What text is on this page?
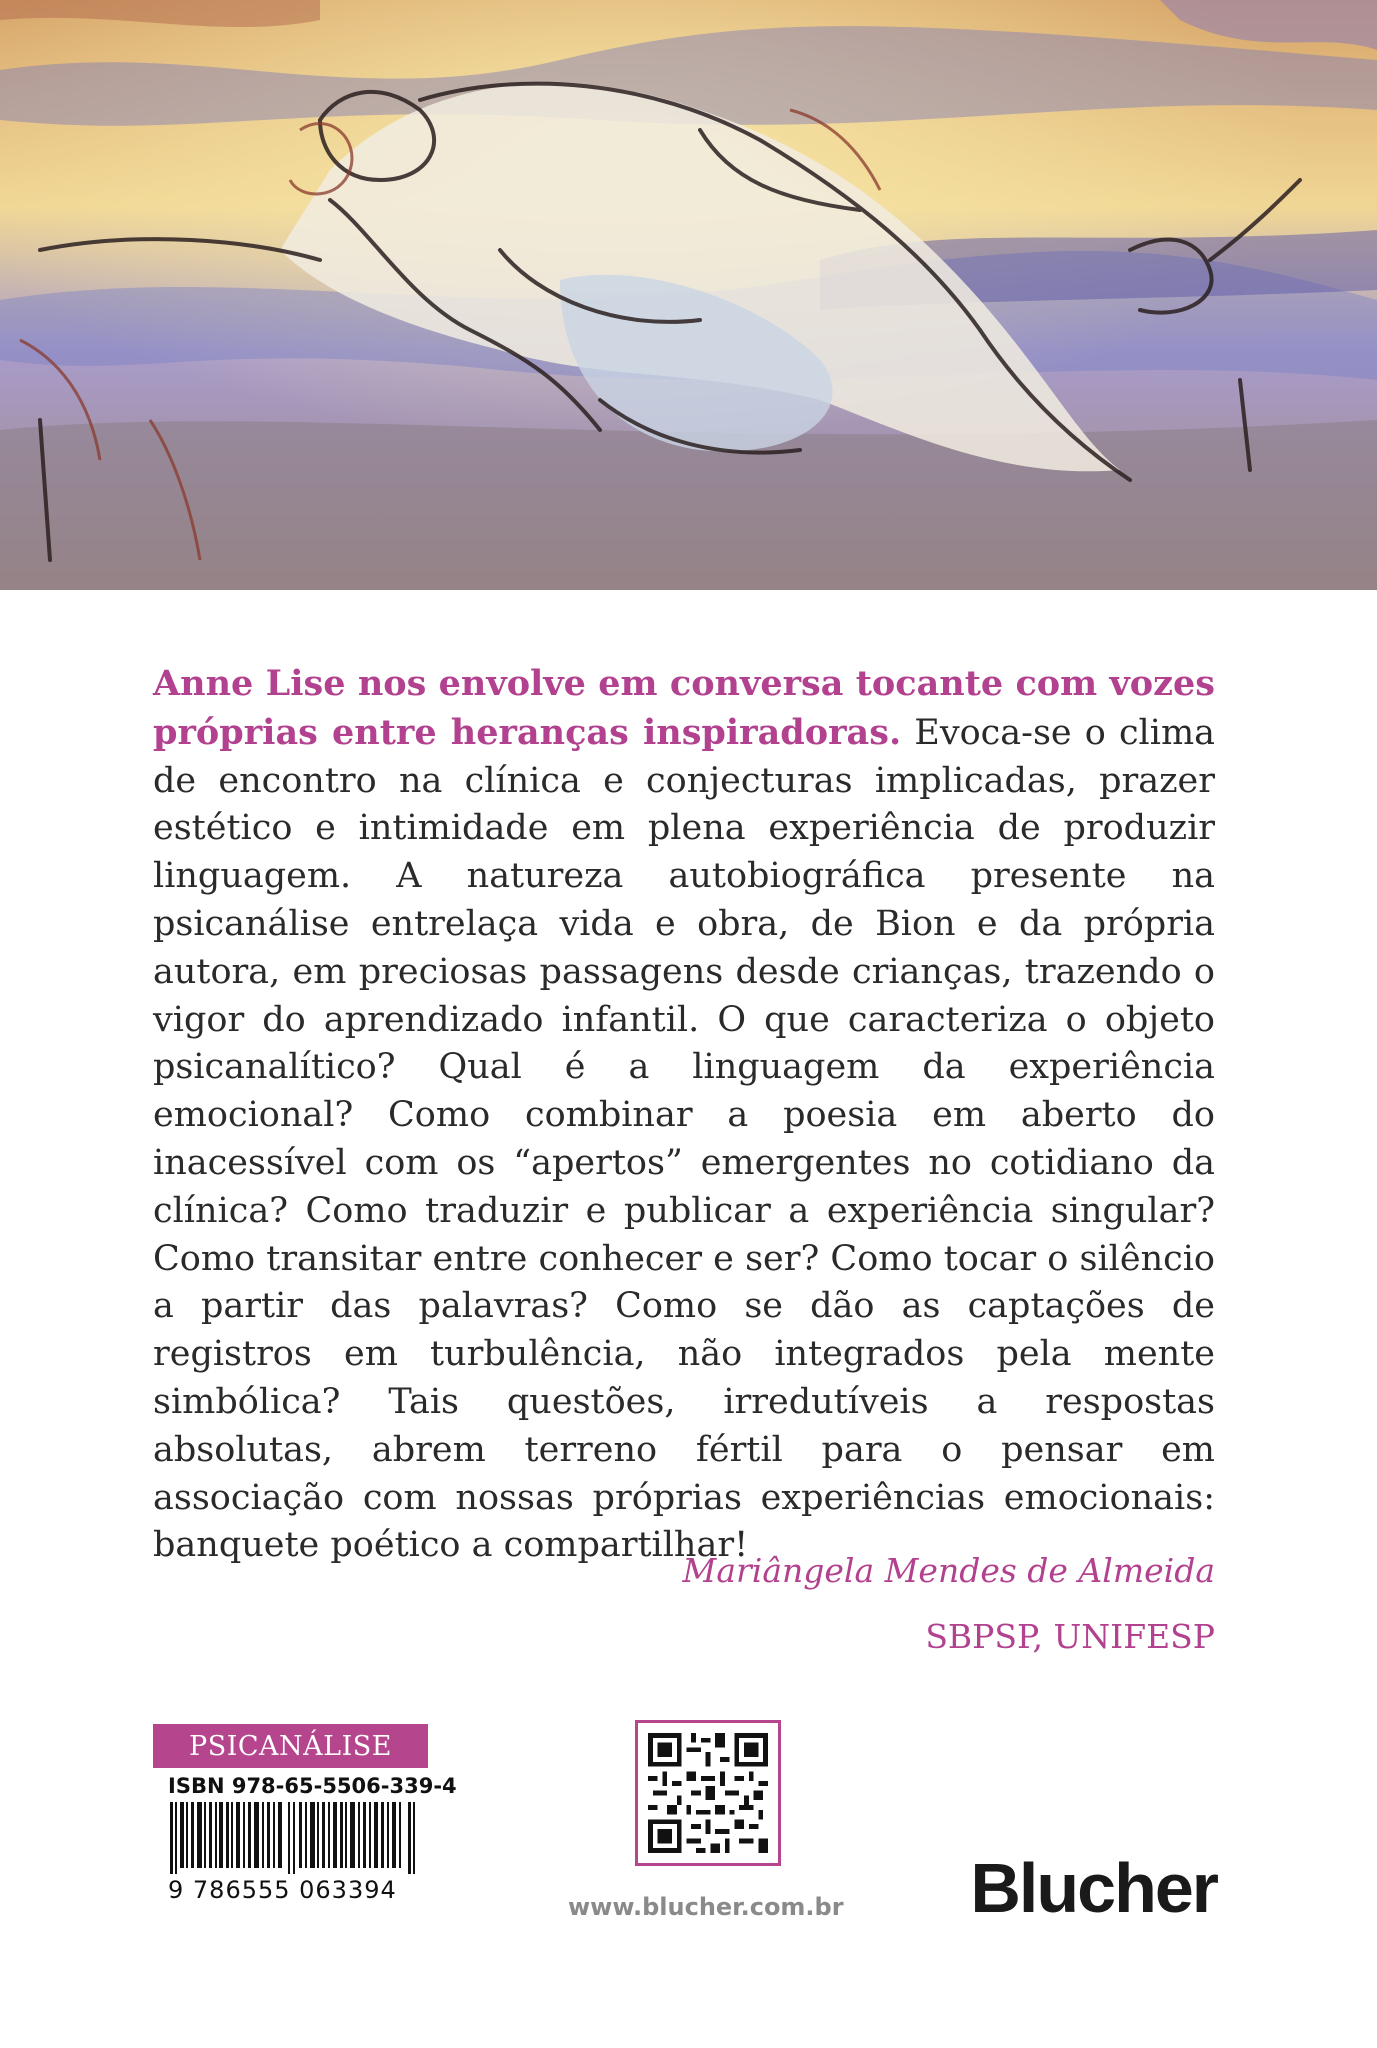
Anne Lise nos envolve em conversa tocante com vozes próprias entre heranças inspiradoras. Evoca-se o clima de encontro na clínica e conjecturas implicadas, prazer estético e intimidade em plena experiência de produzir linguagem. A natureza autobiográfica presente na psicanálise entrelaça vida e obra, de Bion e da própria autora, em preciosas passagens desde crianças, trazendo o vigor do aprendizado infantil. O que caracteriza o objeto psicanalítico? Qual é a linguagem da experiência emocional? Como combinar a poesia em aberto do inacessível com os “apertos” emergentes no cotidiano da clínica? Como traduzir e publicar a experiência singular? Como transitar entre conhecer e ser? Como tocar o silêncio a partir das palavras? Como se dão as captações de registros em turbulência, não integrados pela mente simbólica? Tais questões, irredutíveis a respostas absolutas, abrem terreno fértil para o pensar em associação com nossas próprias experiências emocionais: banquete poético a compartilhar!

Mariângela Mendes de Almeida
SBPSP, UNIFESP
PSICANÁLISE
ISBN 978-65-5506-339-4
9 786555 063394
www.blucher.com.br Blucher
